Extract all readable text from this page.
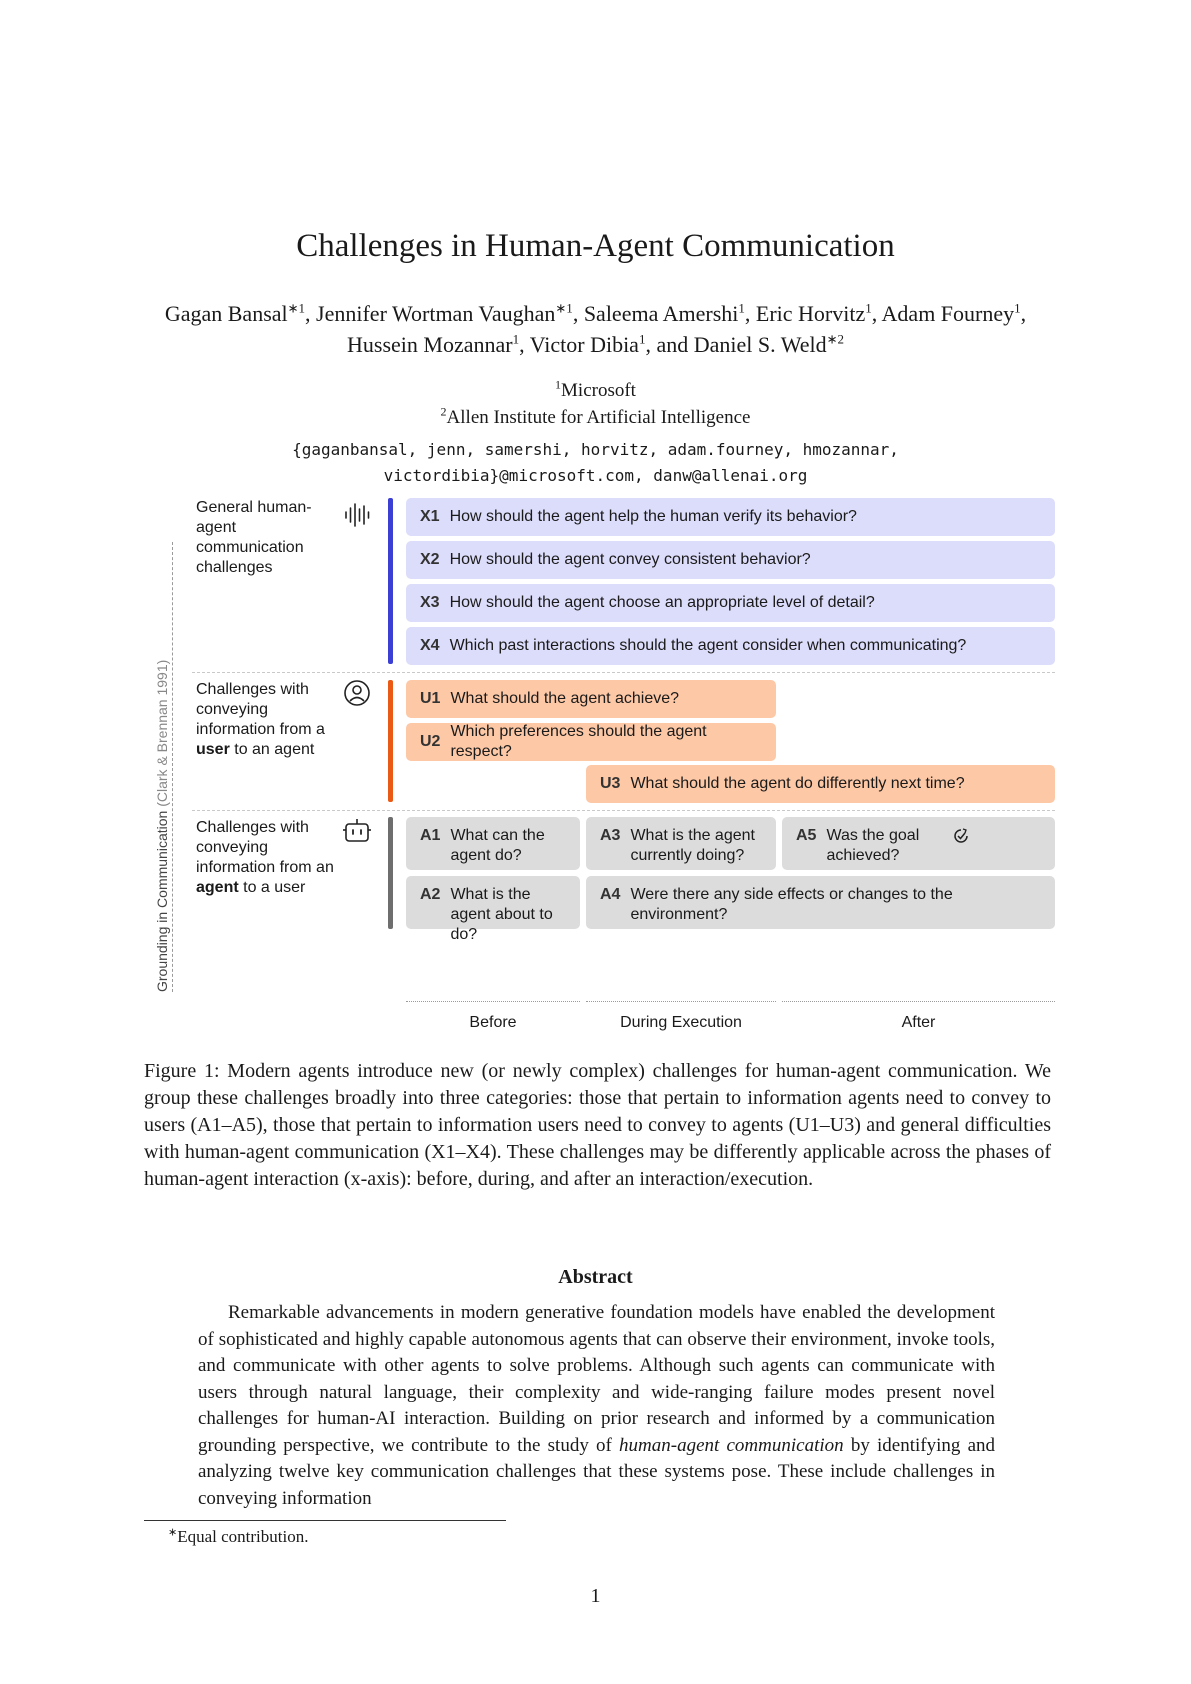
Challenges in Human-Agent Communication
Gagan Bansal$^{∗1}$, Jennifer Wortman Vaughan$^{∗1}$, Saleema Amershi$^1$, Eric Horvitz$^1$, Adam Fourney$^1$, Hussein Mozannar$^1$, Victor Dibia$^1$, and Daniel S. Weld$^{∗2}$
$^1$Microsoft
$^2$Allen Institute for Artificial Intelligence
{gaganbansal, jenn, samershi, horvitz, adam.fourney, hmozannar,
victordibia}@microsoft.com, danw@allenai.org
Grounding in Communication (Clark & Brennan 1991)
General human-agent communication challenges
X1 How should the agent help the human verify its behavior?
X2 How should the agent convey consistent behavior?
X3 How should the agent choose an appropriate level of detail?
X4 Which past interactions should the agent consider when communicating?
Challenges with conveying information from a user to an agent
U1 What should the agent achieve?
U2
Which preferences should the agent respect?
U3 What should the agent do differently next time?
Challenges with conveying information from an agent to a user
A1 What can the agent do?
A2 What is the agent about to do?
A3 What is the agent currently doing?
A4 Were there any side effects or changes to the environment?
A5 Was the goal achieved?
Before	During Execution	After
Figure 1: Modern agents introduce new (or newly complex) challenges for human-agent communication. We group these challenges broadly into three categories: those that pertain to information agents need to convey to users (A1–A5), those that pertain to information users need to convey to agents (U1–U3) and general difficulties with human-agent communication (X1–X4). These challenges may be differently applicable across the phases of human-agent interaction (x-axis): before, during, and after an interaction/execution.
Abstract
Remarkable advancements in modern generative foundation models have enabled the development of sophisticated and highly capable autonomous agents that can observe their environment, invoke tools, and communicate with other agents to solve problems. Although such agents can communicate with users through natural language, their complexity and wide-ranging failure modes present novel challenges for human-AI interaction. Building on prior research and informed by a communication grounding perspective, we contribute to the study of human-agent communication by identifying and analyzing twelve key communication challenges that these systems pose. These include challenges in conveying information
∗Equal contribution.
1
